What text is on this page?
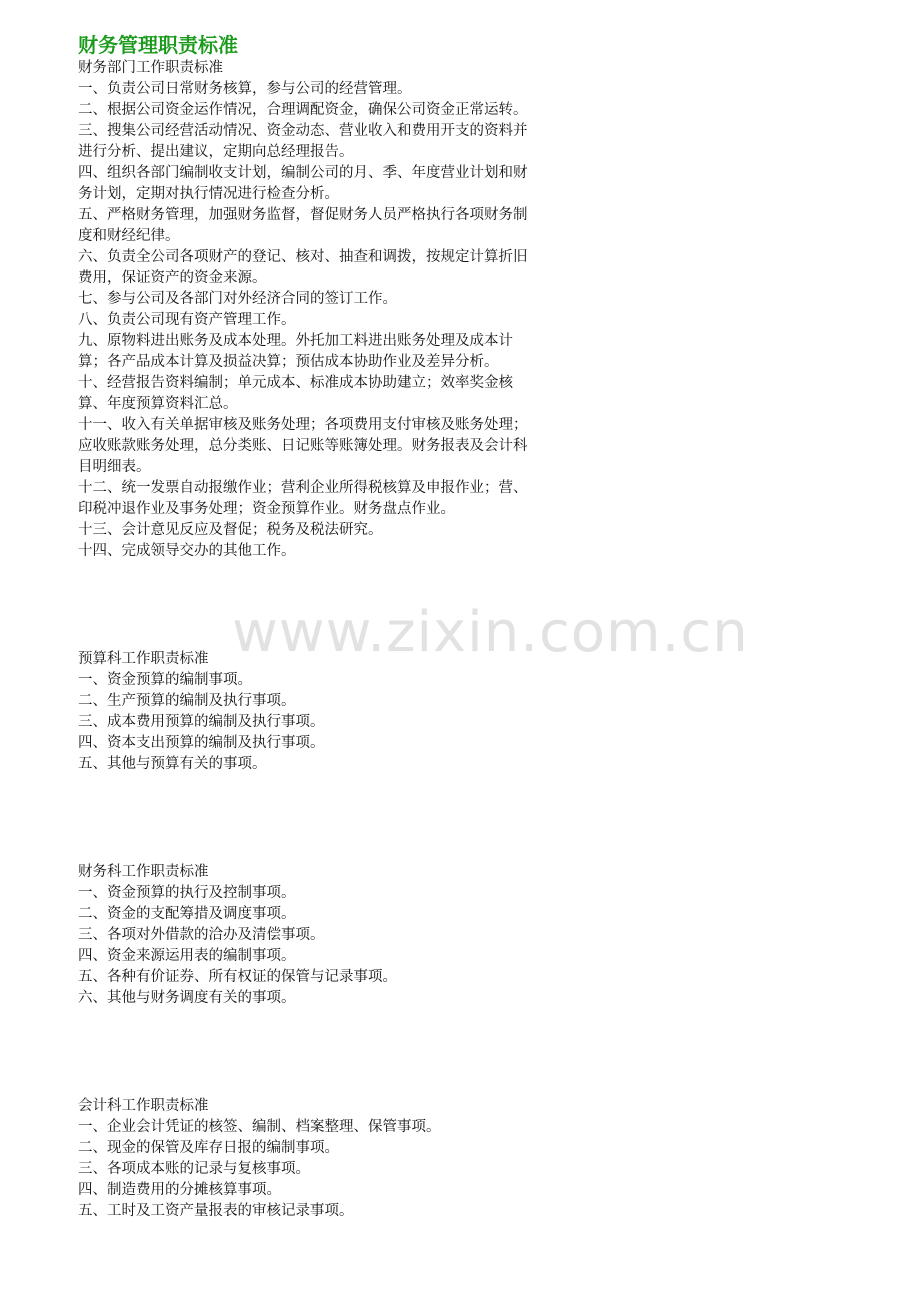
财务管理职责标准

财务部门工作职责标准

一、负责公司日常财务核算，参与公司的经营管理。

二、根据公司资金运作情况，合理调配资金，确保公司资金正常运转。

三、搜集公司经营活动情况、资金动态、营业收入和费用开支的资料并进行分析、提出建议，定期向总经理报告。

四、组织各部门编制收支计划，编制公司的月、季、年度营业计划和财务计划，定期对执行情况进行检查分析。

五、严格财务管理，加强财务监督，督促财务人员严格执行各项财务制度和财经纪律。

六、负责全公司各项财产的登记、核对、抽查和调拨，按规定计算折旧费用，保证资产的资金来源。

七、参与公司及各部门对外经济合同的签订工作。

八、负责公司现有资产管理工作。

九、原物料进出账务及成本处理。外托加工料进出账务处理及成本计算；各产品成本计算及损益决算；预估成本协助作业及差异分析。

十、经营报告资料编制；单元成本、标准成本协助建立；效率奖金核算、年度预算资料汇总。

十一、收入有关单据审核及账务处理；各项费用支付审核及账务处理；应收账款账务处理，总分类账、日记账等账簿处理。财务报表及会计科目明细表。

十二、统一发票自动报缴作业；营利企业所得税核算及申报作业；营、印税冲退作业及事务处理；资金预算作业。财务盘点作业。

十三、会计意见反应及督促；税务及税法研究。

十四、完成领导交办的其他工作。

预算科工作职责标准

一、资金预算的编制事项。

二、生产预算的编制及执行事项。

三、成本费用预算的编制及执行事项。

四、资本支出预算的编制及执行事项。

五、其他与预算有关的事项。

财务科工作职责标准

一、资金预算的执行及控制事项。

二、资金的支配筹措及调度事项。

三、各项对外借款的洽办及清偿事项。

四、资金来源运用表的编制事项。

五、各种有价证券、所有权证的保管与记录事项。

六、其他与财务调度有关的事项。

会计科工作职责标准

一、企业会计凭证的核签、编制、档案整理、保管事项。

二、现金的保管及库存日报的编制事项。

三、各项成本账的记录与复核事项。

四、制造费用的分摊核算事项。

五、工时及工资产量报表的审核记录事项。

www.zixin.com.cn
